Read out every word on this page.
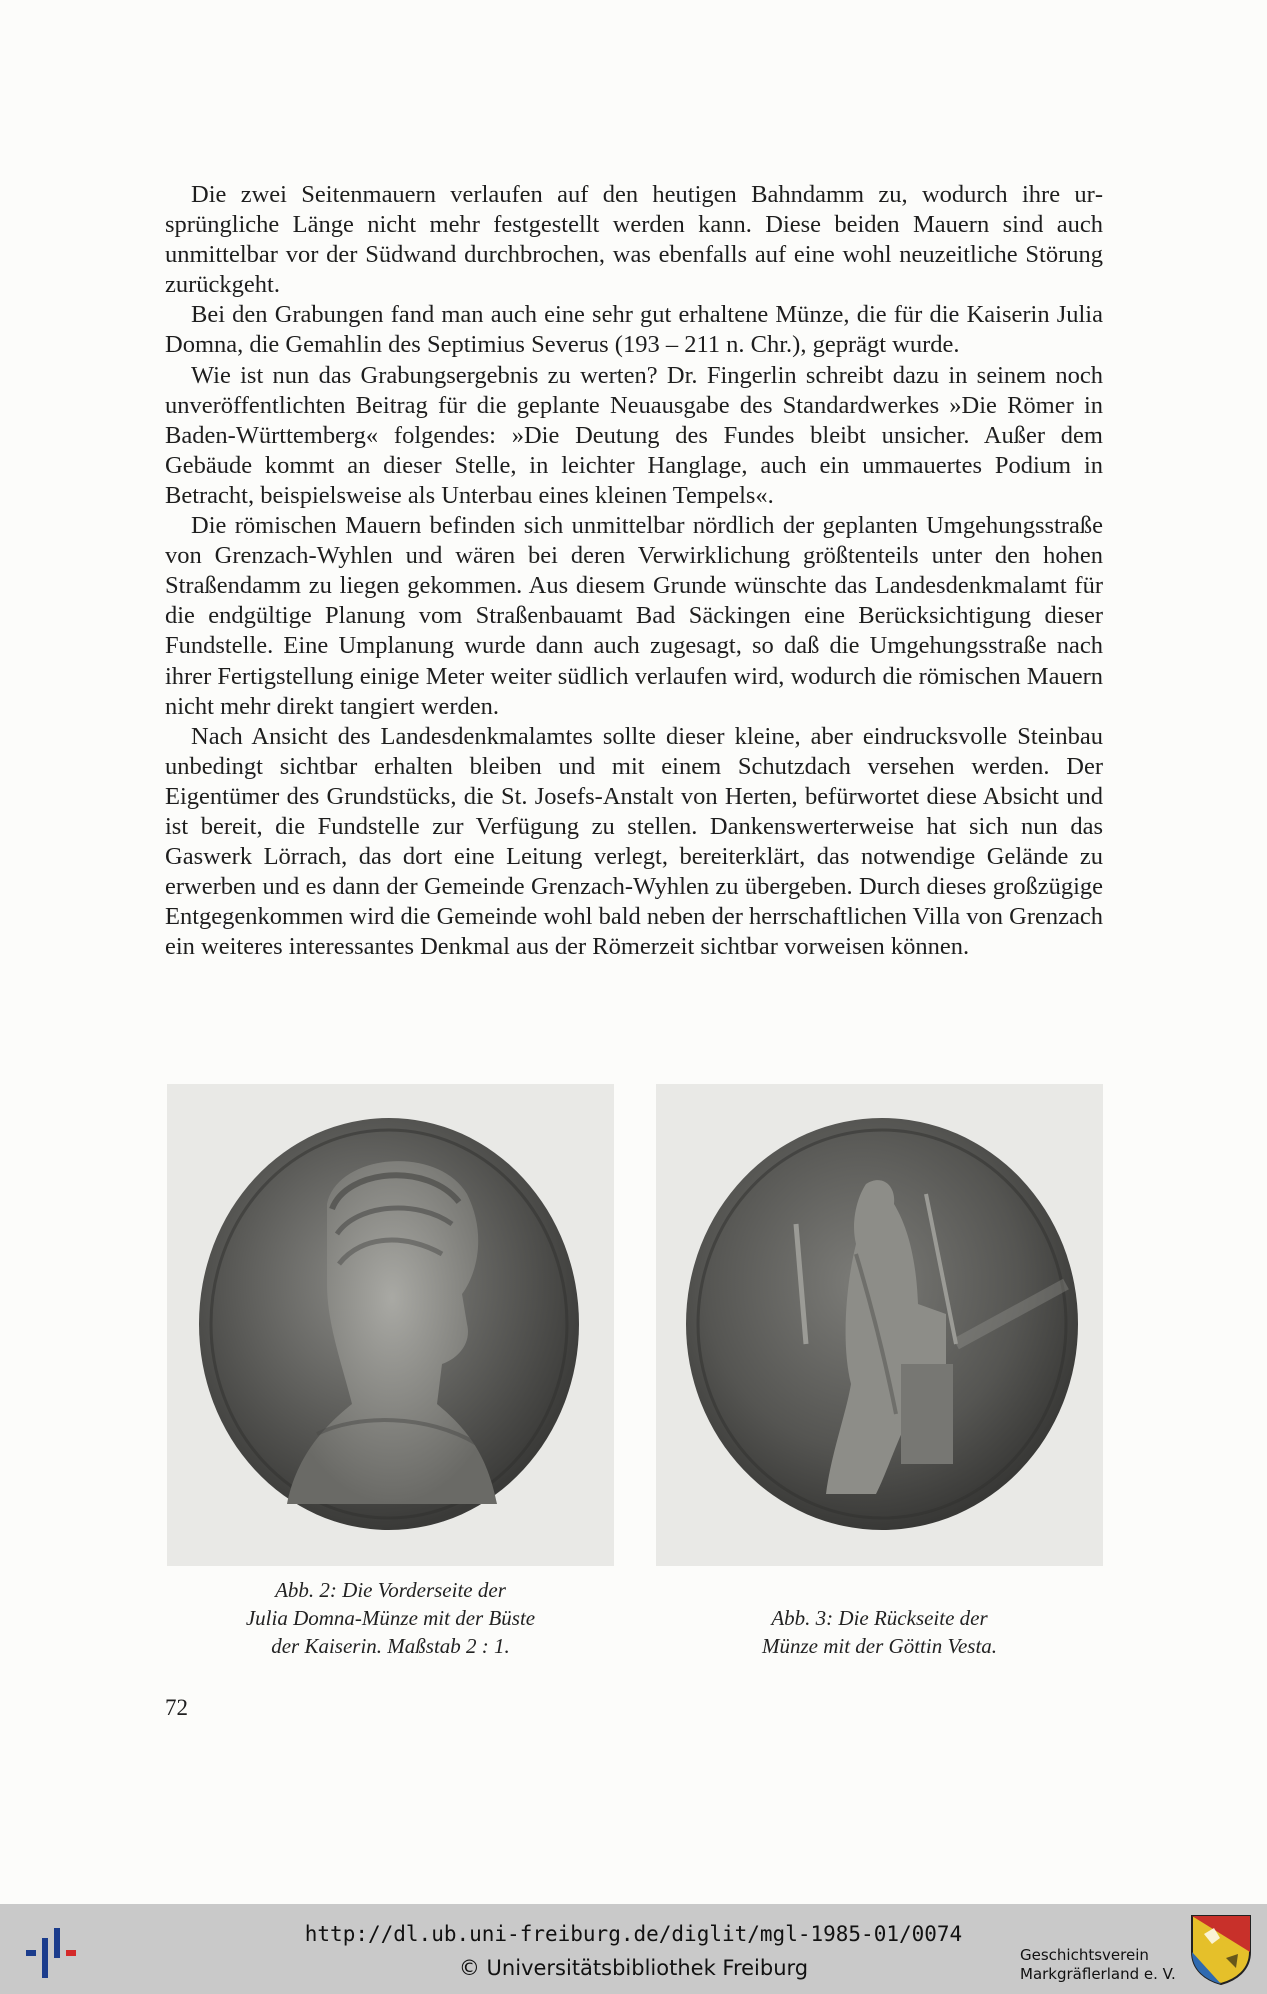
Die zwei Seitenmauern verlaufen auf den heutigen Bahndamm zu, wodurch ihre ursprüngliche Länge nicht mehr festgestellt werden kann. Diese beiden Mauern sind auch unmittelbar vor der Südwand durchbrochen, was ebenfalls auf eine wohl neuzeitliche Störung zurückgeht.

Bei den Grabungen fand man auch eine sehr gut erhaltene Münze, die für die Kaiserin Julia Domna, die Gemahlin des Septimius Severus (193 – 211 n. Chr.), geprägt wurde.

Wie ist nun das Grabungsergebnis zu werten? Dr. Fingerlin schreibt dazu in seinem noch unveröffentlichten Beitrag für die geplante Neuausgabe des Standardwerkes »Die Römer in Baden-Württemberg« folgendes: »Die Deutung des Fundes bleibt unsicher. Außer dem Gebäude kommt an dieser Stelle, in leichter Hanglage, auch ein ummauertes Podium in Betracht, beispielsweise als Unterbau eines kleinen Tempels«.

Die römischen Mauern befinden sich unmittelbar nördlich der geplanten Umgehungsstraße von Grenzach-Wyhlen und wären bei deren Verwirklichung größtenteils unter den hohen Straßendamm zu liegen gekommen. Aus diesem Grunde wünschte das Landesdenkmalamt für die endgültige Planung vom Straßenbauamt Bad Säckingen eine Berücksichtigung dieser Fundstelle. Eine Umplanung wurde dann auch zugesagt, so daß die Umgehungsstraße nach ihrer Fertigstellung einige Meter weiter südlich verlaufen wird, wodurch die römischen Mauern nicht mehr direkt tangiert werden.

Nach Ansicht des Landesdenkmalamtes sollte dieser kleine, aber eindrucksvolle Steinbau unbedingt sichtbar erhalten bleiben und mit einem Schutzdach versehen werden. Der Eigentümer des Grundstücks, die St. Josefs-Anstalt von Herten, befürwortet diese Absicht und ist bereit, die Fundstelle zur Verfügung zu stellen. Dankenswerterweise hat sich nun das Gaswerk Lörrach, das dort eine Leitung verlegt, bereiterklärt, das notwendige Gelände zu erwerben und es dann der Gemeinde Grenzach-Wyhlen zu übergeben. Durch dieses großzügige Entgegenkommen wird die Gemeinde wohl bald neben der herrschaftlichen Villa von Grenzach ein weiteres interessantes Denkmal aus der Römerzeit sichtbar vorweisen können.

Abb. 2: Die Vorderseite der
Julia Domna-Münze mit der Büste
der Kaiserin. Maßstab 2 : 1.
Abb. 3: Die Rückseite der
Münze mit der Göttin Vesta.
72
http://dl.ub.uni-freiburg.de/diglit/mgl-1985-01/0074
© Universitätsbibliothek Freiburg
Geschichtsverein
Markgräflerland e. V.
